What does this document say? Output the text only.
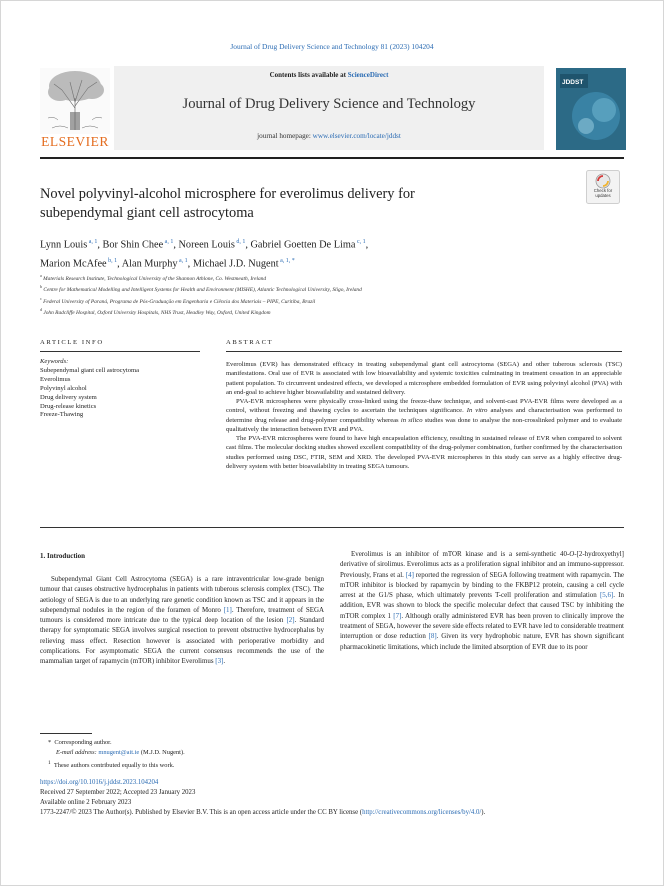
Journal of Drug Delivery Science and Technology 81 (2023) 104204
ELSEVIER
Contents lists available at ScienceDirect
Journal of Drug Delivery Science and Technology
journal homepage: www.elsevier.com/locate/jddst
JDDST
Novel polyvinyl-alcohol microsphere for everolimus delivery for
subependymal giant cell astrocytoma
Check for
updates
Lynn Louis $^{a, 1}$, Bor Shin Chee $^{a, 1}$, Noreen Louis $^{d, 1}$, Gabriel Goetten De Lima $^{c, 1}$,
Marion McAfee $^{b, 1}$, Alan Murphy $^{a, 1}$, Michael J.D. Nugent $^{a, 1, *}$
$^a$ Materials Research Institute, Technological University of the Shannon Athlone, Co. Westmeath, Ireland
$^b$ Centre for Mathematical Modelling and Intelligent Systems for Health and Environment (MISHE), Atlantic Technological University, Sligo, Ireland
$^c$ Federal University of Paraná, Programa de Pós-Graduação em Engenharia e Ciência dos Materiais – PIPE, Curitiba, Brazil
$^d$ John Radcliffe Hospital, Oxford University Hospitals, NHS Trust, Headley Way, Oxford, United Kingdom
ARTICLE INFO	ABSTRACT
Keywords:
Subependymal giant cell astrocytoma
Everolimus
Polyvinyl alcohol
Drug delivery system
Drug-release kinetics
Freeze-Thawing

Everolimus (EVR) has demonstrated efficacy in treating subependymal giant cell astrocytoma (SEGA) and other tuberous sclerosis (TSC) manifestations. Oral use of EVR is associated with low bioavailability and systemic toxicities culminating in treatment cessation in an appreciable patient population. To circumvent undesired effects, we developed a microsphere embedded formulation of EVR using polyvinyl alcohol (PVA) with an end-goal to achieve higher bioavailability and sustained delivery.

PVA-EVR microspheres were physically cross-linked using the freeze-thaw technique, and solvent-cast PVA-EVR films were developed as a control, without freezing and thawing cycles to ascertain the techniques significance. In vitro analyses and characterisation was performed to determine drug release and drug-polymer compatibility whereas in silico studies was done to analyse the non-crosslinked polymer and to evaluate qualitatively the interaction between EVR and PVA.

The PVA-EVR microspheres were found to have high encapsulation efficiency, resulting in sustained release of EVR when compared to solvent cast films. The molecular docking studies showed excellent compatibility of the drug-polymer combination, further confirmed by the characterisation studies performed using DSC, FTIR, SEM and XRD. The developed PVA-EVR microspheres in this study can serve as a highly effective drug-delivery system with better bioavailability in treating SEGA tumours.

1. Introduction

Subependymal Giant Cell Astrocytoma (SEGA) is a rare intraventricular low-grade benign tumour that causes obstructive hydrocephalus in patients with tuberous sclerosis complex (TSC). The aetiology of SEGA is due to an underlying rare genetic condition known as TSC and it appears in the subependymal nodules in the region of the foramen of Monro [1]. Therefore, treatment of SEGA tumours is considered more intricate due to the typical deep location of the lesion [2]. Standard therapy for symptomatic SEGA involves surgical resection to prevent obstructive hydrocephalus by relieving mass effect. Resection however is associated with perioperative morbidity and complications. For asymptomatic SEGA the current consensus recommends the use of the mammalian target of rapamycin (mTOR) inhibitor Everolimus [3].

Everolimus is an inhibitor of mTOR kinase and is a semi-synthetic 40-O-[2-hydroxyethyl] derivative of sirolimus. Everolimus acts as a proliferation signal inhibitor and an immuno-suppressor. Previously, Frans et al. [4] reported the regression of SEGA following treatment with rapamycin. The mTOR inhibitor is blocked by rapamycin by binding to the FKBP12 protein, causing a cell cycle arrest at the G1/S phase, which ultimately prevents T-cell proliferation and stimulation [5,6]. In addition, EVR was shown to block the specific molecular defect that caused TSC by inhibiting the mTOR complex 1 [7]. Although orally administered EVR has been proven to clinically improve the treatment of SEGA, however the severe side effects related to EVR have led to considerable treatment interruption or dose reduction [8]. Given its very hydrophobic nature, EVR has shown significant pharmacokinetic limitations, which include the limited absorption of EVR due to its poor

*  Corresponding author.
E-mail address: mnugent@ait.ie (M.J.D. Nugent).
$^1$ These authors contributed equally to this work.
https://doi.org/10.1016/j.jddst.2023.104204
Received 27 September 2022; Accepted 23 January 2023
Available online 2 February 2023
1773-2247/© 2023 The Author(s). Published by Elsevier B.V. This is an open access article under the CC BY license (http://creativecommons.org/licenses/by/4.0/).
